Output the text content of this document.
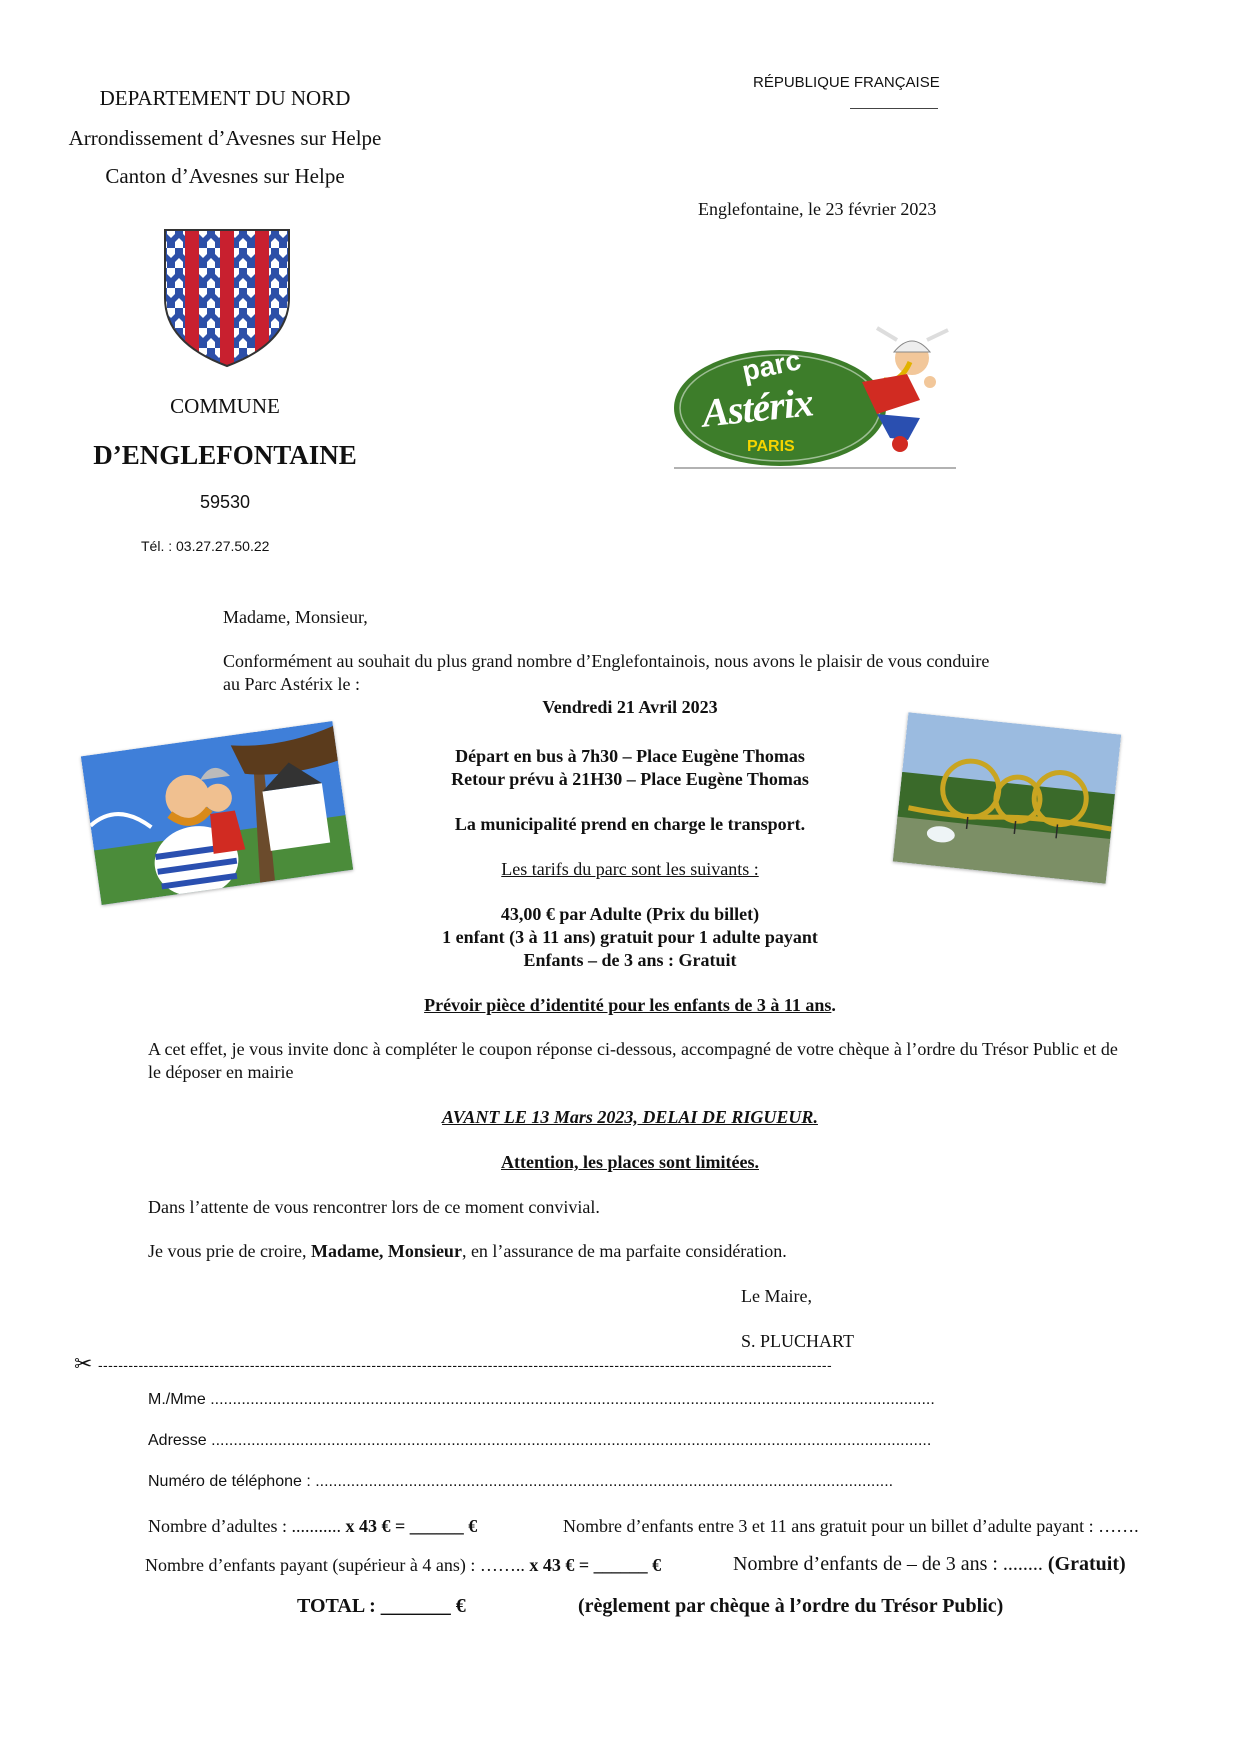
DEPARTEMENT DU NORD
Arrondissement d’Avesnes sur Helpe
Canton d’Avesnes sur Helpe
COMMUNE
D’ENGLEFONTAINE
59530
Tél. : 03.27.27.50.22
RÉPUBLIQUE FRANÇAISE
Englefontaine, le 23 février 2023
parc
Astérix
PARIS
Madame, Monsieur,
Conformément au souhait du plus grand nombre d’Englefontainois, nous avons le plaisir de vous conduire
au Parc Astérix le :
Vendredi 21 Avril 2023
Départ en bus à 7h30 – Place Eugène Thomas
Retour prévu à 21H30 – Place Eugène Thomas
La municipalité prend en charge le transport.
Les tarifs du parc sont les suivants :
43,00 € par Adulte (Prix du billet)
1 enfant (3 à 11 ans) gratuit pour 1 adulte payant
Enfants – de 3 ans : Gratuit
Prévoir pièce d’identité pour les enfants de 3 à 11 ans.
A cet effet, je vous invite donc à compléter le coupon réponse ci-dessous, accompagné de votre chèque à l’ordre du Trésor Public et de
le déposer en mairie
AVANT LE 13 Mars 2023, DELAI DE RIGUEUR.
Attention, les places sont limitées.
Dans l’attente de vous rencontrer lors de ce moment convivial.
Je vous prie de croire, Madame, Monsieur, en l’assurance de ma parfaite considération.
Le Maire,
S. PLUCHART
✂ -------------------------------------------------------------------------------------------------------------------------------------------------
M./Mme ...................................................................................................................................................................
Adresse ..................................................................................................................................................................
Numéro de téléphone : ..................................................................................................................................
Nombre d’adultes : ........... x 43 € = ______ €	Nombre d’enfants entre 3 et 11 ans gratuit pour un billet d’adulte payant : …….
Nombre d’enfants payant (supérieur à 4 ans) : …….. x 43 € = ______ €	Nombre d’enfants de – de 3 ans : ........ (Gratuit)
TOTAL : _______ €	(règlement par chèque à l’ordre du Trésor Public)
